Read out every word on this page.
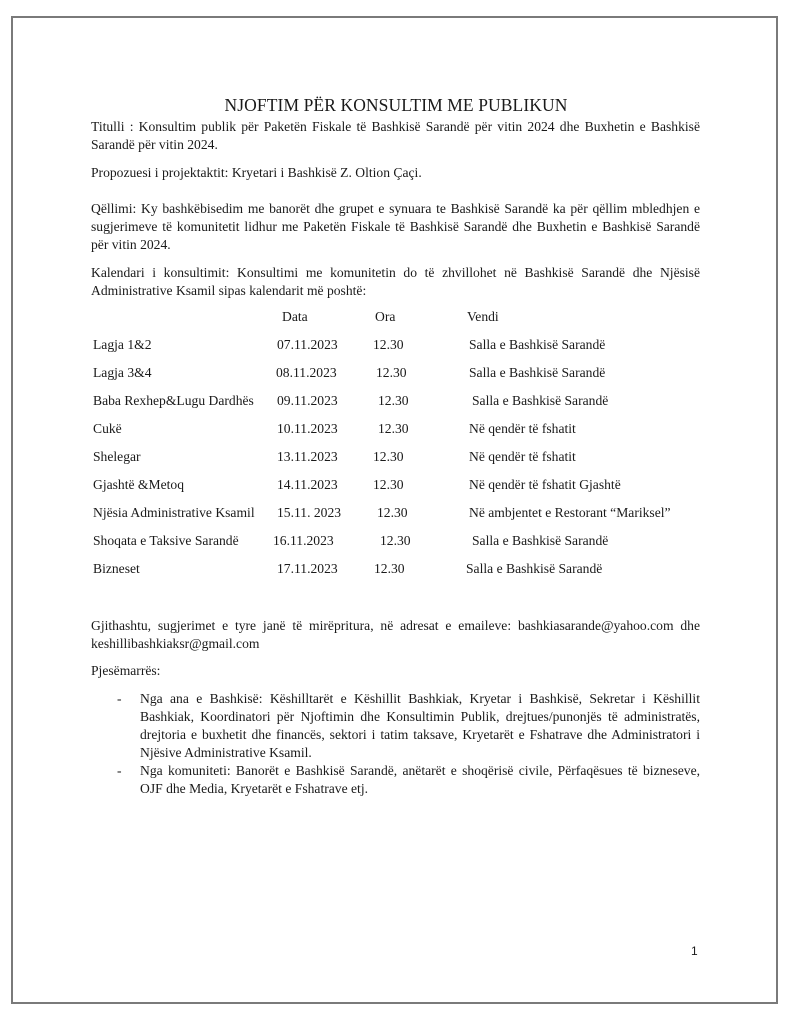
NJOFTIM PËR KONSULTIM ME PUBLIKUN

Titulli : Konsultim publik për Paketën Fiskale të Bashkisë Sarandë për vitin 2024 dhe Buxhetin e Bashkisë Sarandë për vitin 2024.

Propozuesi i projektaktit: Kryetari i Bashkisë Z. Oltion Çaçi.

Qëllimi: Ky bashkëbisedim me banorët dhe grupet e synuara te Bashkisë Sarandë ka për qëllim mbledhjen e sugjerimeve të komunitetit lidhur me Paketën Fiskale të Bashkisë Sarandë dhe Buxhetin e Bashkisë Sarandë për vitin 2024.

Kalendari i konsultimit: Konsultimi me komunitetin do të zhvillohet në Bashkisë Sarandë dhe Njësisë Administrative Ksamil sipas kalendarit më poshtë:

Data	Ora	Vendi
Lagja 1&2	07.11.2023	12.30	Salla e Bashkisë Sarandë
Lagja 3&4	08.11.2023	12.30	Salla e Bashkisë Sarandë
Baba Rexhep&Lugu Dardhës 09.11.2023	12.30	Salla e Bashkisë Sarandë
Cukë	10.11.2023	12.30	Në qendër të fshatit
Shelegar	13.11.2023	12.30	Në qendër të fshatit
Gjashtë &Metoq	14.11.2023	12.30	Në qendër të fshatit Gjashtë
Njësia Administrative Ksamil 15.11. 2023	12.30	Në ambjentet e Restorant “Mariksel”
Shoqata e Taksive Sarandë	16.11.2023	12.30	Salla e Bashkisë Sarandë
Bizneset	17.11.2023	12.30	Salla e Bashkisë Sarandë

Gjithashtu, sugjerimet e tyre janë të mirëpritura, në adresat e emaileve: bashkiasarande@yahoo.com dhe keshillibashkiaksr@gmail.com

Pjesëmarrës:

- Nga ana e Bashkisë: Këshilltarët e Këshillit Bashkiak, Kryetar i Bashkisë, Sekretar i Këshillit Bashkiak, Koordinatori për Njoftimin dhe Konsultimin Publik, drejtues/punonjës të administratës, drejtoria e buxhetit dhe financës, sektori i tatim taksave, Kryetarët e Fshatrave dhe Administratori i Njësive Administrative Ksamil.
- Nga komuniteti: Banorët e Bashkisë Sarandë, anëtarët e shoqërisë civile, Përfaqësues të bizneseve, OJF dhe Media, Kryetarët e Fshatrave etj.
1
